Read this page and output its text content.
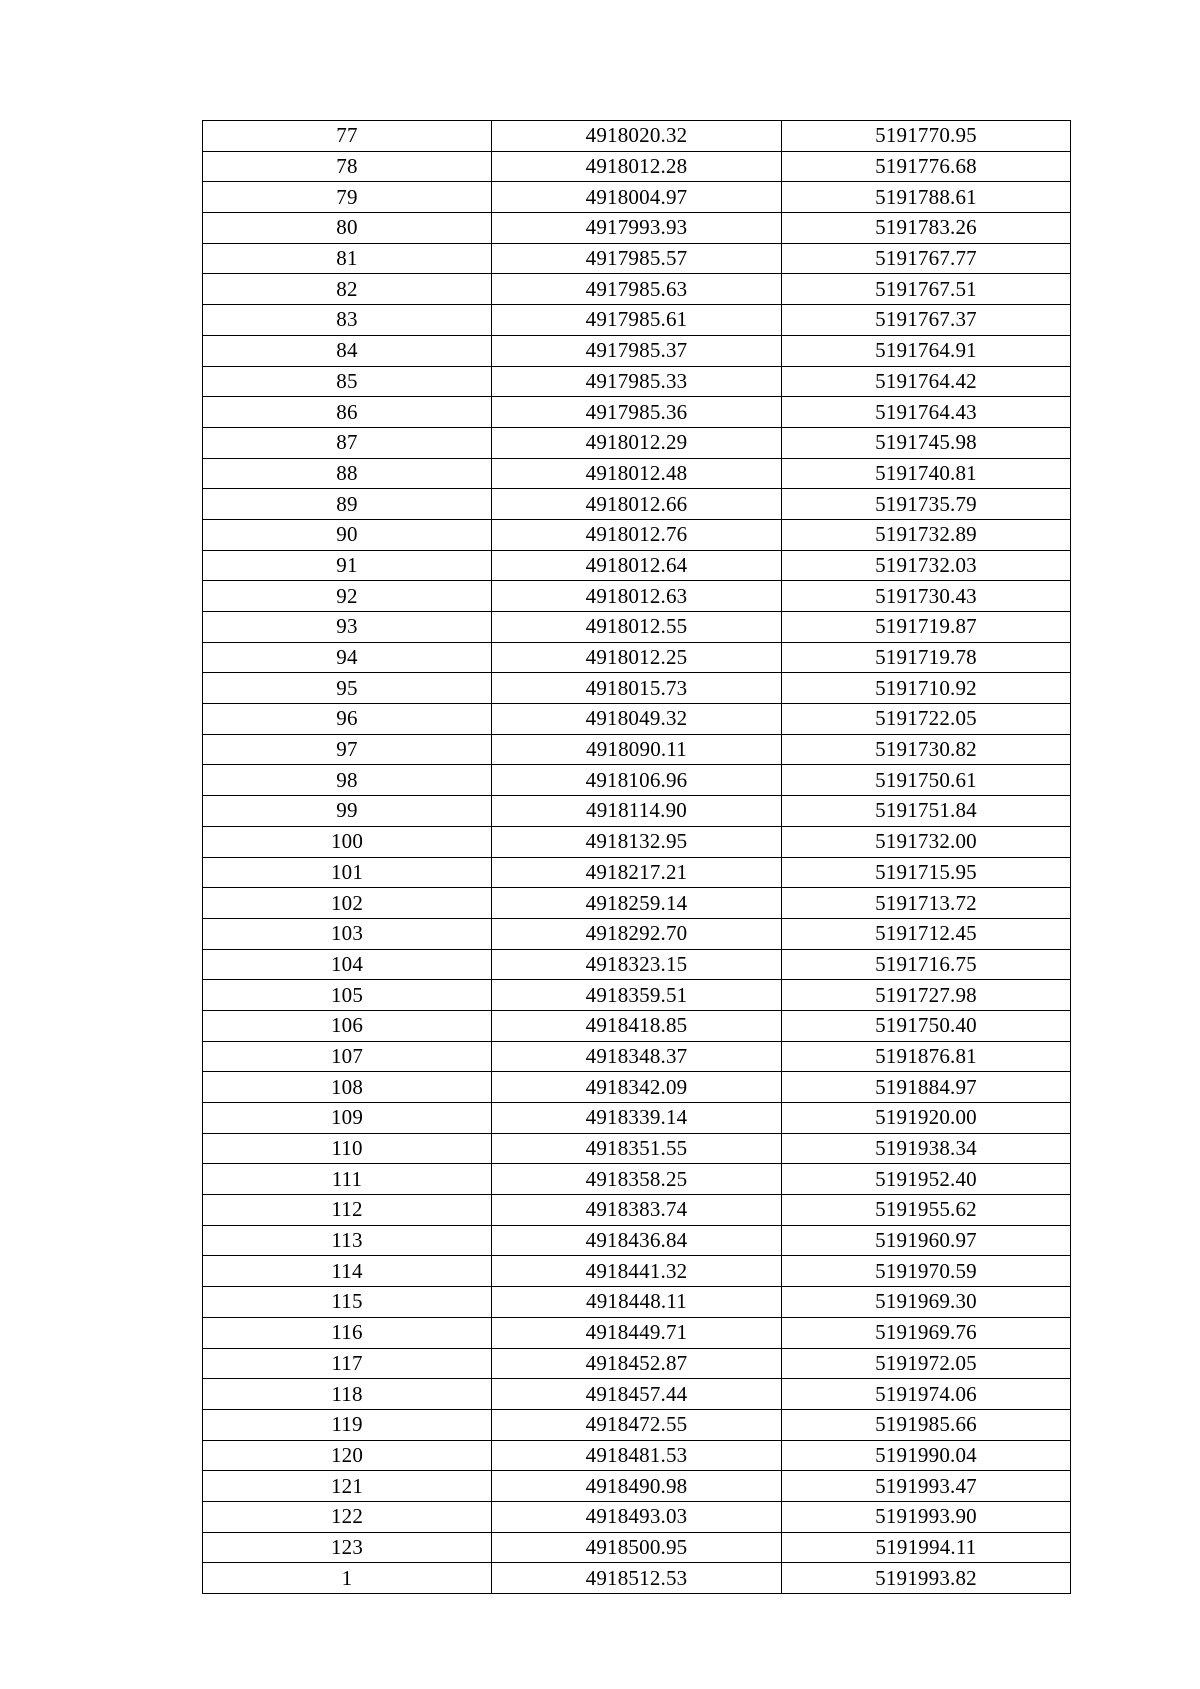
77	4918020.32	5191770.95
78	4918012.28	5191776.68
79	4918004.97	5191788.61
80	4917993.93	5191783.26
81	4917985.57	5191767.77
82	4917985.63	5191767.51
83	4917985.61	5191767.37
84	4917985.37	5191764.91
85	4917985.33	5191764.42
86	4917985.36	5191764.43
87	4918012.29	5191745.98
88	4918012.48	5191740.81
89	4918012.66	5191735.79
90	4918012.76	5191732.89
91	4918012.64	5191732.03
92	4918012.63	5191730.43
93	4918012.55	5191719.87
94	4918012.25	5191719.78
95	4918015.73	5191710.92
96	4918049.32	5191722.05
97	4918090.11	5191730.82
98	4918106.96	5191750.61
99	4918114.90	5191751.84
100	4918132.95	5191732.00
101	4918217.21	5191715.95
102	4918259.14	5191713.72
103	4918292.70	5191712.45
104	4918323.15	5191716.75
105	4918359.51	5191727.98
106	4918418.85	5191750.40
107	4918348.37	5191876.81
108	4918342.09	5191884.97
109	4918339.14	5191920.00
110	4918351.55	5191938.34
111	4918358.25	5191952.40
112	4918383.74	5191955.62
113	4918436.84	5191960.97
114	4918441.32	5191970.59
115	4918448.11	5191969.30
116	4918449.71	5191969.76
117	4918452.87	5191972.05
118	4918457.44	5191974.06
119	4918472.55	5191985.66
120	4918481.53	5191990.04
121	4918490.98	5191993.47
122	4918493.03	5191993.90
123	4918500.95	5191994.11
1	4918512.53	5191993.82
